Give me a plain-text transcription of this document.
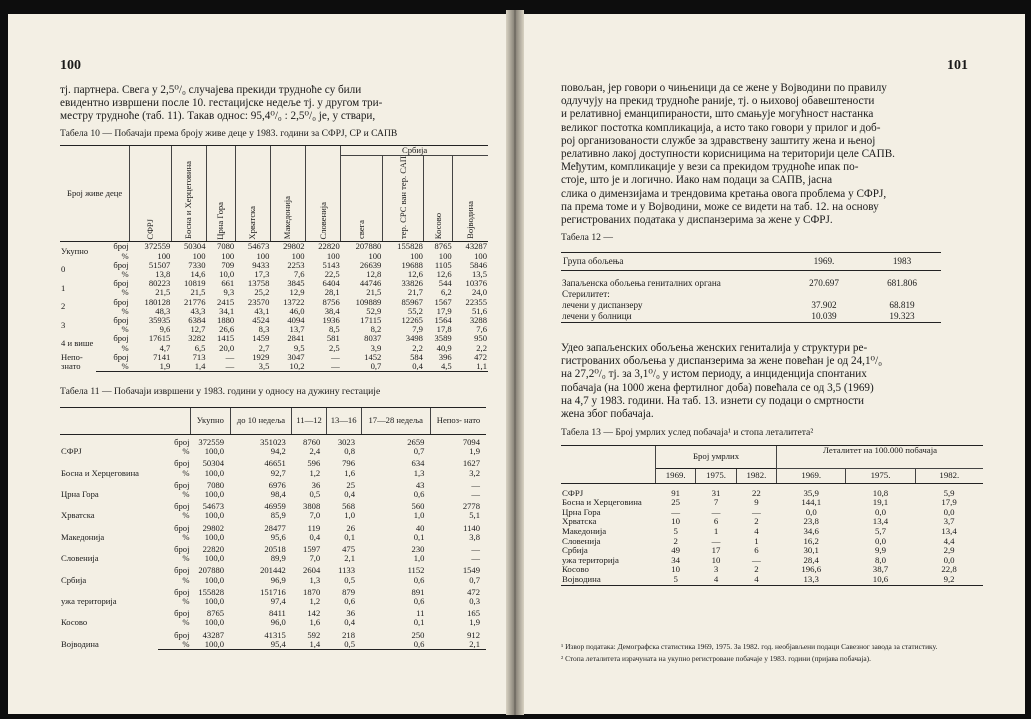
100
тј. партнера. Свега у 2,5⁰/₀ случајева прекиди трудноће су били
евидентно извршени после 10. гестацијске недеље тј. у другом три-
местру трудноће (таб. 11). Такав однос: 95,4⁰/₀ : 2,5⁰/₀ је, у ствари,
Табела 10 — Побачаји према броју живе деце у 1983. години за СФРЈ, СР и САПВ
Број живе деце		СФРЈ	Босна и Херцеговина	Црна Гора	Хрватска	Македонија	Словенија	Србија			
								свега	тер. СРС ван тер. САП	Косово	Војводина
Укупно	број	372559	50304	7080	54673	29802	22820	207880	155828	8765	43287
	%	100	100	100	100	100	100	100	100	100	100
0	број	51507	7330	709	9433	2253	5143	26639	19688	1105	5846
	%	13,8	14,6	10,0	17,3	7,6	22,5	12,8	12,6	12,6	13,5
1	број	80223	10819	661	13758	3845	6404	44746	33826	544	10376
	%	21,5	21,5	9,3	25,2	12,9	28,1	21,5	21,7	6,2	24,0
2	број	180128	21776	2415	23570	13722	8756	109889	85967	1567	22355
	%	48,3	43,3	34,1	43,1	46,0	38,4	52,9	55,2	17,9	51,6
3	број	35935	6384	1880	4524	4094	1936	17115	12265	1564	3288
	%	9,6	12,7	26,6	8,3	13,7	8,5	8,2	7,9	17,8	7,6
4 и више	број	17615	3282	1415	1459	2841	581	8037	3498	3589	950
	%	4,7	6,5	20,0	2,7	9,5	2,5	3,9	2,2	40,9	2,2
Непо- знато	број	7141	713	—	1929	3047	—	1452	584	396	472
	%	1,9	1,4	—	3,5	10,2	—	0,7	0,4	4,5	1,1
Табела 11 — Побачаји извршени у 1983. години у односу на дужину гестације
		Укупно	до 10 недеља	11—12	13—16	17—28 недеља	Непоз- нато
СФРЈ	број	372559	351023	8760	3023	2659	7094
	%	100,0	94,2	2,4	0,8	0,7	1,9
Босна и Херцеговина	број	50304	46651	596	796	634	1627
	%	100,0	92,7	1,2	1,6	1,3	3,2
Црна Гора	број	7080	6976	36	25	43	—
	%	100,0	98,4	0,5	0,4	0,6	—
Хрватска	број	54673	46959	3808	568	560	2778
	%	100,0	85,9	7,0	1,0	1,0	5,1
Македонија	број	29802	28477	119	26	40	1140
	%	100,0	95,6	0,4	0,1	0,1	3,8
Словенија	број	22820	20518	1597	475	230	—
	%	100,0	89,9	7,0	2,1	1,0	—
Србија	број	207880	201442	2604	1133	1152	1549
	%	100,0	96,9	1,3	0,5	0,6	0,7
ужа територија	број	155828	151716	1870	879	891	472
	%	100,0	97,4	1,2	0,6	0,6	0,3
Косово	број	8765	8411	142	36	11	165
	%	100,0	96,0	1,6	0,4	0,1	1,9
Војводина	број	43287	41315	592	218	250	912
	%	100,0	95,4	1,4	0,5	0,6	2,1
101
повољан, јер говори о чињеници да се жене у Војводини по правилу
одлучују на прекид трудноће раније, тј. о њиховој обавештености
и релативној еманципираности, што смањује могућност настанка
великог постотка компликација, а исто тако говори у прилог и доб-
рој организованости службе за здравствену заштиту жена и њеној
релативно лакој доступности корисницима на територији целе САПВ.
Међутим, компликације у вези са прекидом трудноће ипак по-
стоје, што је и логично. Иако нам подаци за САПВ, јасна
слика о димензијама и трендовима кретања овога проблема у СФРЈ,
па према томе и у Војводини, може се видети на таб. 12. на основу
регистрованих података у диспанзерима за жене у СФРЈ.
Табела 12 —
Група обољења	1969.	1983
Запаљенска обољења гениталних органа	270.697	681.806
Стерилитет:		
лечени у диспанзеру	37.902	68.819
лечени у болници	10.039	19.323
Удео запаљенских обољења женских гениталија у структури ре-
гистрованих обољења у диспанзерима за жене повећан је од 24,1⁰/₀
на 27,2⁰/₀ тј. за 3,1⁰/₀ у истом периоду, а инциденција спонтаних
побачаја (на 1000 жена фертилног доба) повећала се од 3,5 (1969)
на 4,7 у 1983. години. На таб. 13. изнети су подаци о смртности
жена због побачаја.
Табела 13 — Број умрлих услед побачаја¹ и стопа леталитета²
	Број умрлих			Леталитет на 100.000 побачаја		
	1969.	1975.	1982.	1969.	1975.	1982.
СФРЈ	91	31	22	35,9	10,8	5,9
Босна и Херцеговина	25	7	9	144,1	19,1	17,9
Црна Гора	—	—	—	0,0	0,0	0,0
Хрватска	10	6	2	23,8	13,4	3,7
Македонија	5	1	4	34,6	5,7	13,4
Словенија	2	—	1	16,2	0,0	4,4
Србија	49	17	6	30,1	9,9	2,9
ужа територија	34	10	—	28,4	8,0	0,0
Косово	10	3	2	196,6	38,7	22,8
Војводина	5	4	4	13,3	10,6	9,2
¹ Извор података: Демографска статистика 1969, 1975. За 1982. год. необјављени подаци Савезног завода за статистику.
² Стопа леталитета израчуната на укупно регистроване побачаје у 1983. години (пријава побачаја).
